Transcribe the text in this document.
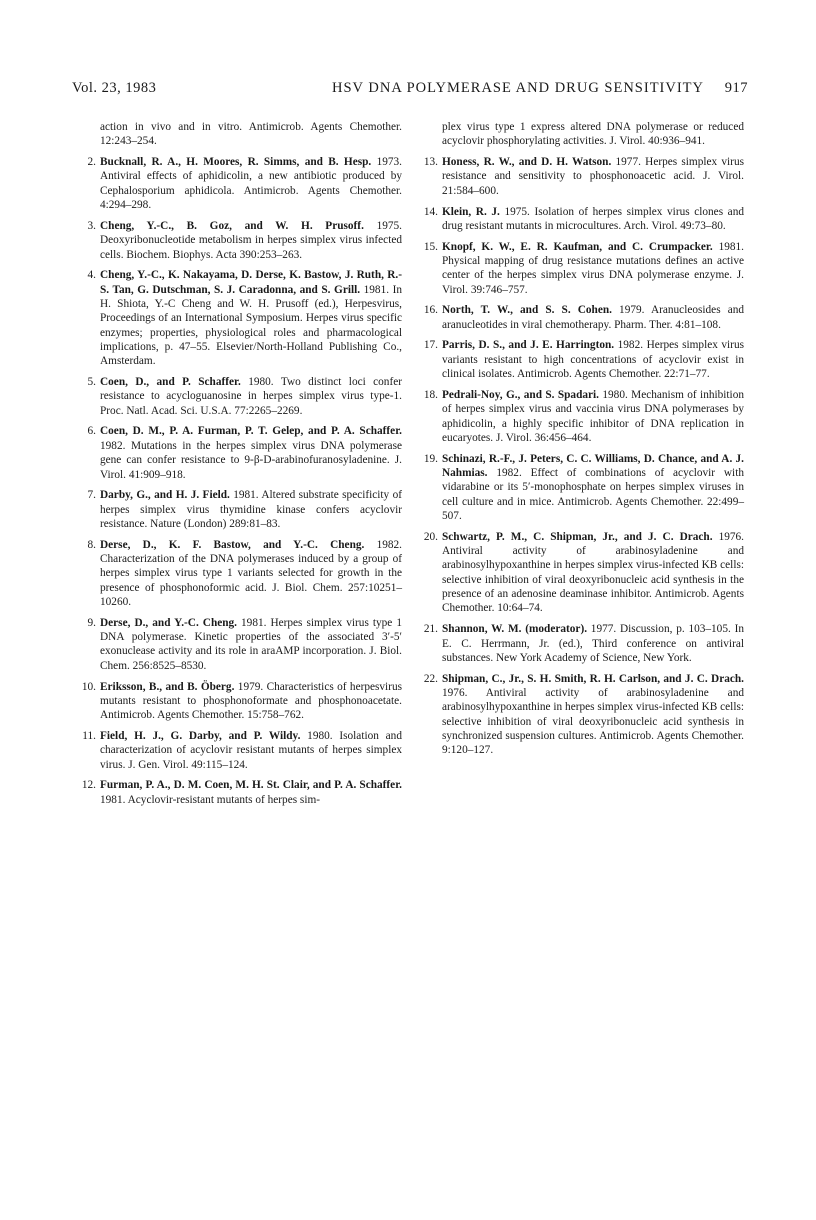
Vol. 23, 1983	HSV DNA POLYMERASE AND DRUG SENSITIVITY 917
action in vivo and in vitro. Antimicrob. Agents Chemother. 12:243–254.
2. Bucknall, R. A., H. Moores, R. Simms, and B. Hesp. 1973. Antiviral effects of aphidicolin, a new antibiotic produced by Cephalosporium aphidicola. Antimicrob. Agents Chemother. 4:294–298.
3. Cheng, Y.-C., B. Goz, and W. H. Prusoff. 1975. Deoxyribonucleotide metabolism in herpes simplex virus infected cells. Biochem. Biophys. Acta 390:253–263.
4. Cheng, Y.-C., K. Nakayama, D. Derse, K. Bastow, J. Ruth, R.-S. Tan, G. Dutschman, S. J. Caradonna, and S. Grill. 1981. In H. Shiota, Y.-C Cheng and W. H. Prusoff (ed.), Herpesvirus, Proceedings of an International Symposium. Herpes virus specific enzymes; properties, physiological roles and pharmacological implications, p. 47–55. Elsevier/North-Holland Publishing Co., Amsterdam.
5. Coen, D., and P. Schaffer. 1980. Two distinct loci confer resistance to acycloguanosine in herpes simplex virus type-1. Proc. Natl. Acad. Sci. U.S.A. 77:2265–2269.
6. Coen, D. M., P. A. Furman, P. T. Gelep, and P. A. Schaffer. 1982. Mutations in the herpes simplex virus DNA polymerase gene can confer resistance to 9-β-D-arabinofuranosyladenine. J. Virol. 41:909–918.
7. Darby, G., and H. J. Field. 1981. Altered substrate specificity of herpes simplex virus thymidine kinase confers acyclovir resistance. Nature (London) 289:81–83.
8. Derse, D., K. F. Bastow, and Y.-C. Cheng. 1982. Characterization of the DNA polymerases induced by a group of herpes simplex virus type 1 variants selected for growth in the presence of phosphonoformic acid. J. Biol. Chem. 257:10251–10260.
9. Derse, D., and Y.-C. Cheng. 1981. Herpes simplex virus type 1 DNA polymerase. Kinetic properties of the associated 3′-5′ exonuclease activity and its role in araAMP incorporation. J. Biol. Chem. 256:8525–8530.
10. Eriksson, B., and B. Öberg. 1979. Characteristics of herpesvirus mutants resistant to phosphonoformate and phosphonoacetate. Antimicrob. Agents Chemother. 15:758–762.
11. Field, H. J., G. Darby, and P. Wildy. 1980. Isolation and characterization of acyclovir resistant mutants of herpes simplex virus. J. Gen. Virol. 49:115–124.
12. Furman, P. A., D. M. Coen, M. H. St. Clair, and P. A. Schaffer. 1981. Acyclovir-resistant mutants of herpes sim-
plex virus type 1 express altered DNA polymerase or reduced acyclovir phosphorylating activities. J. Virol. 40:936–941.
13. Honess, R. W., and D. H. Watson. 1977. Herpes simplex virus resistance and sensitivity to phosphonoacetic acid. J. Virol. 21:584–600.
14. Klein, R. J. 1975. Isolation of herpes simplex virus clones and drug resistant mutants in microcultures. Arch. Virol. 49:73–80.
15. Knopf, K. W., E. R. Kaufman, and C. Crumpacker. 1981. Physical mapping of drug resistance mutations defines an active center of the herpes simplex virus DNA polymerase enzyme. J. Virol. 39:746–757.
16. North, T. W., and S. S. Cohen. 1979. Aranucleosides and aranucleotides in viral chemotherapy. Pharm. Ther. 4:81–108.
17. Parris, D. S., and J. E. Harrington. 1982. Herpes simplex virus variants resistant to high concentrations of acyclovir exist in clinical isolates. Antimicrob. Agents Chemother. 22:71–77.
18. Pedrali-Noy, G., and S. Spadari. 1980. Mechanism of inhibition of herpes simplex virus and vaccinia virus DNA polymerases by aphidicolin, a highly specific inhibitor of DNA replication in eucaryotes. J. Virol. 36:456–464.
19. Schinazi, R.-F., J. Peters, C. C. Williams, D. Chance, and A. J. Nahmias. 1982. Effect of combinations of acyclovir with vidarabine or its 5′-monophosphate on herpes simplex viruses in cell culture and in mice. Antimicrob. Agents Chemother. 22:499–507.
20. Schwartz, P. M., C. Shipman, Jr., and J. C. Drach. 1976. Antiviral activity of arabinosyladenine and arabinosylhypoxanthine in herpes simplex virus-infected KB cells: selective inhibition of viral deoxyribonucleic acid synthesis in the presence of an adenosine deaminase inhibitor. Antimicrob. Agents Chemother. 10:64–74.
21. Shannon, W. M. (moderator). 1977. Discussion, p. 103–105. In E. C. Herrmann, Jr. (ed.), Third conference on antiviral substances. New York Academy of Science, New York.
22. Shipman, C., Jr., S. H. Smith, R. H. Carlson, and J. C. Drach. 1976. Antiviral activity of arabinosyladenine and arabinosylhypoxanthine in herpes simplex virus-infected KB cells: selective inhibition of viral deoxyribonucleic acid synthesis in synchronized suspension cultures. Antimicrob. Agents Chemother. 9:120–127.
